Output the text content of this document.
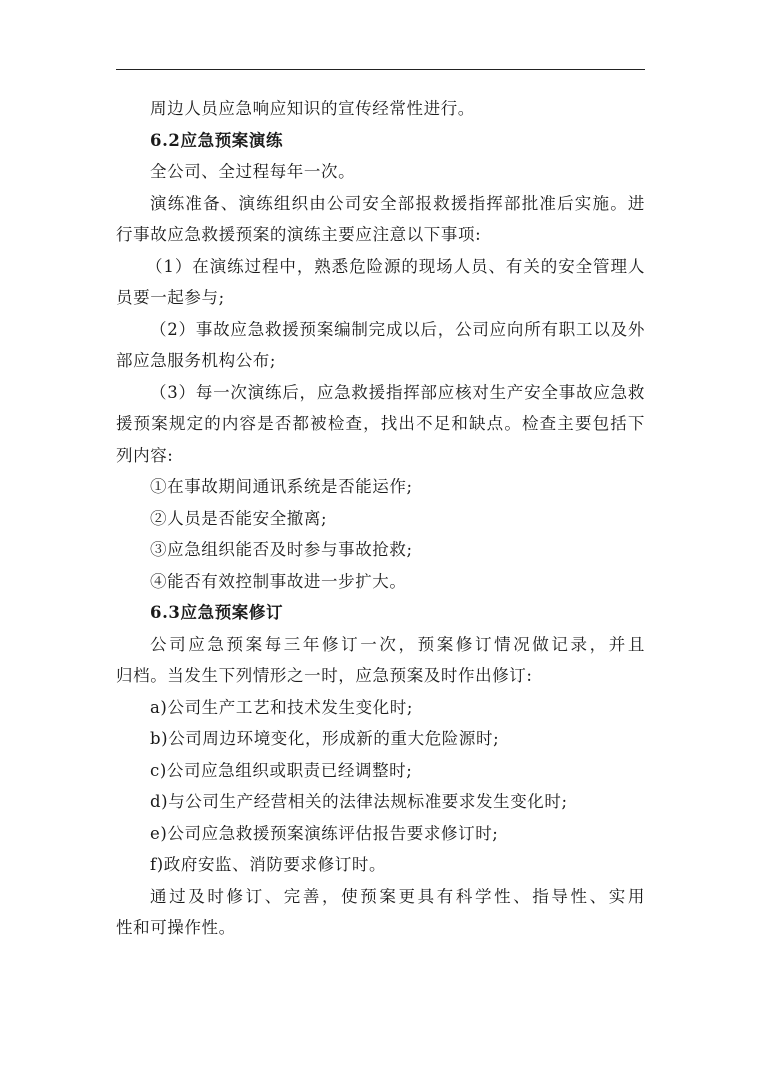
周边人员应急响应知识的宣传经常性进行。
6.2应急预案演练
全公司、全过程每年一次。
演练准备、演练组织由公司安全部报救援指挥部批准后实施。进
行事故应急救援预案的演练主要应注意以下事项:
（1）在演练过程中，熟悉危险源的现场人员、有关的安全管理人
员要一起参与;
（2）事故应急救援预案编制完成以后，公司应向所有职工以及外
部应急服务机构公布;
（3）每一次演练后，应急救援指挥部应核对生产安全事故应急救
援预案规定的内容是否都被检查，找出不足和缺点。检查主要包括下
列内容:
①在事故期间通讯系统是否能运作;
②人员是否能安全撤离;
③应急组织能否及时参与事故抢救;
④能否有效控制事故进一步扩大。
6.3应急预案修订
公司应急预案每三年修订一次，预案修订情况做记录，并且
归档。当发生下列情形之一时，应急预案及时作出修订:
a)公司生产工艺和技术发生变化时;
b)公司周边环境变化，形成新的重大危险源时;
c)公司应急组织或职责已经调整时;
d)与公司生产经营相关的法律法规标准要求发生变化时;
e)公司应急救援预案演练评估报告要求修订时;
f)政府安监、消防要求修订时。
通过及时修订、完善，使预案更具有科学性、指导性、实用
性和可操作性。
